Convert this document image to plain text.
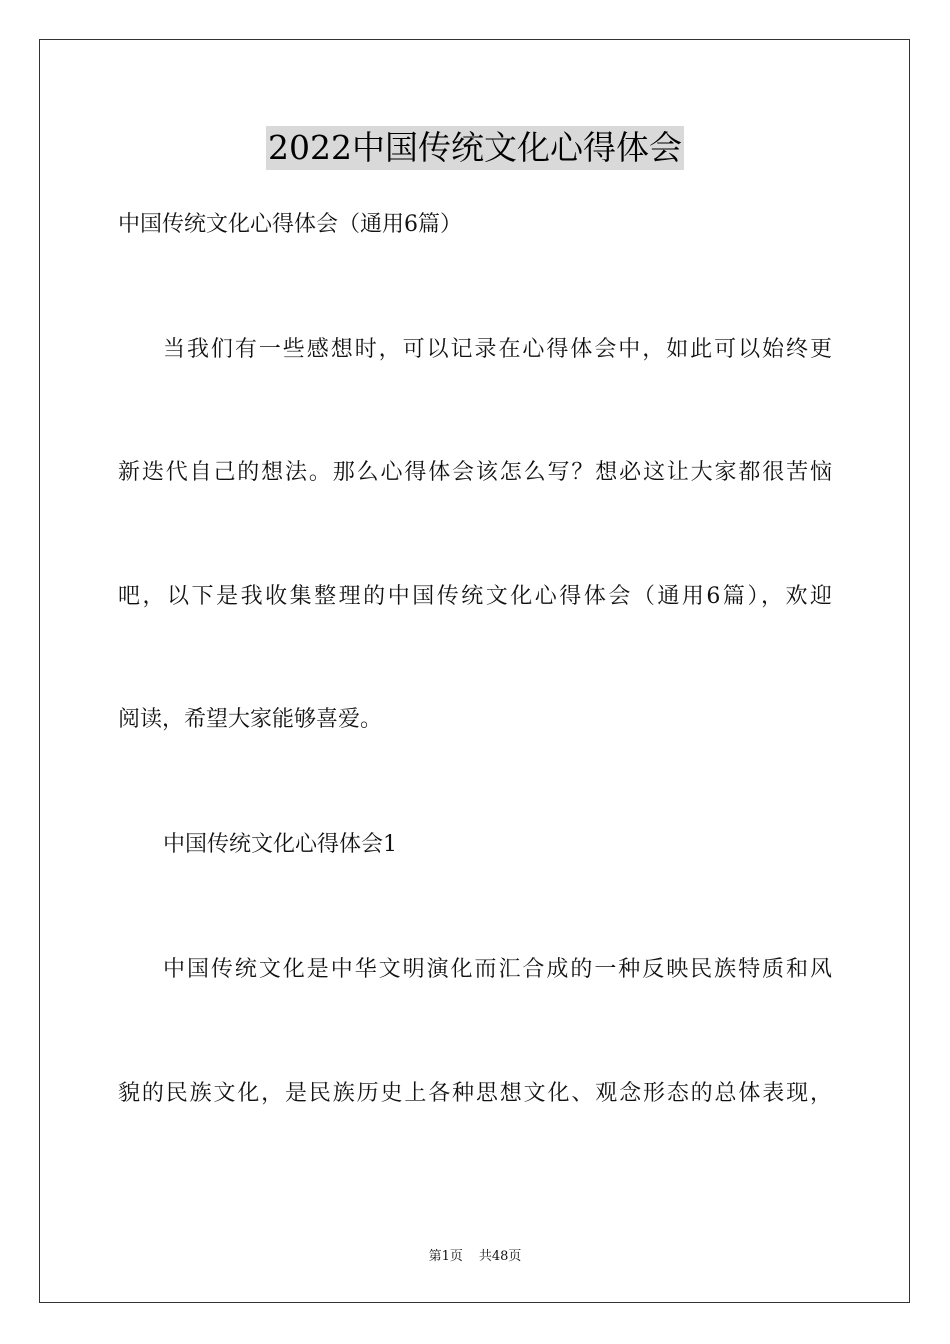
2022中国传统文化心得体会
中国传统文化心得体会（通用6篇）
当我们有一些感想时，可以记录在心得体会中，如此可以始终更
新迭代自己的想法。那么心得体会该怎么写？想必这让大家都很苦恼
吧，以下是我收集整理的中国传统文化心得体会（通用6篇），欢迎
阅读，希望大家能够喜爱。
中国传统文化心得体会1
中国传统文化是中华文明演化而汇合成的一种反映民族特质和风
貌的民族文化，是民族历史上各种思想文化、观念形态的总体表现，
第1页 共48页
